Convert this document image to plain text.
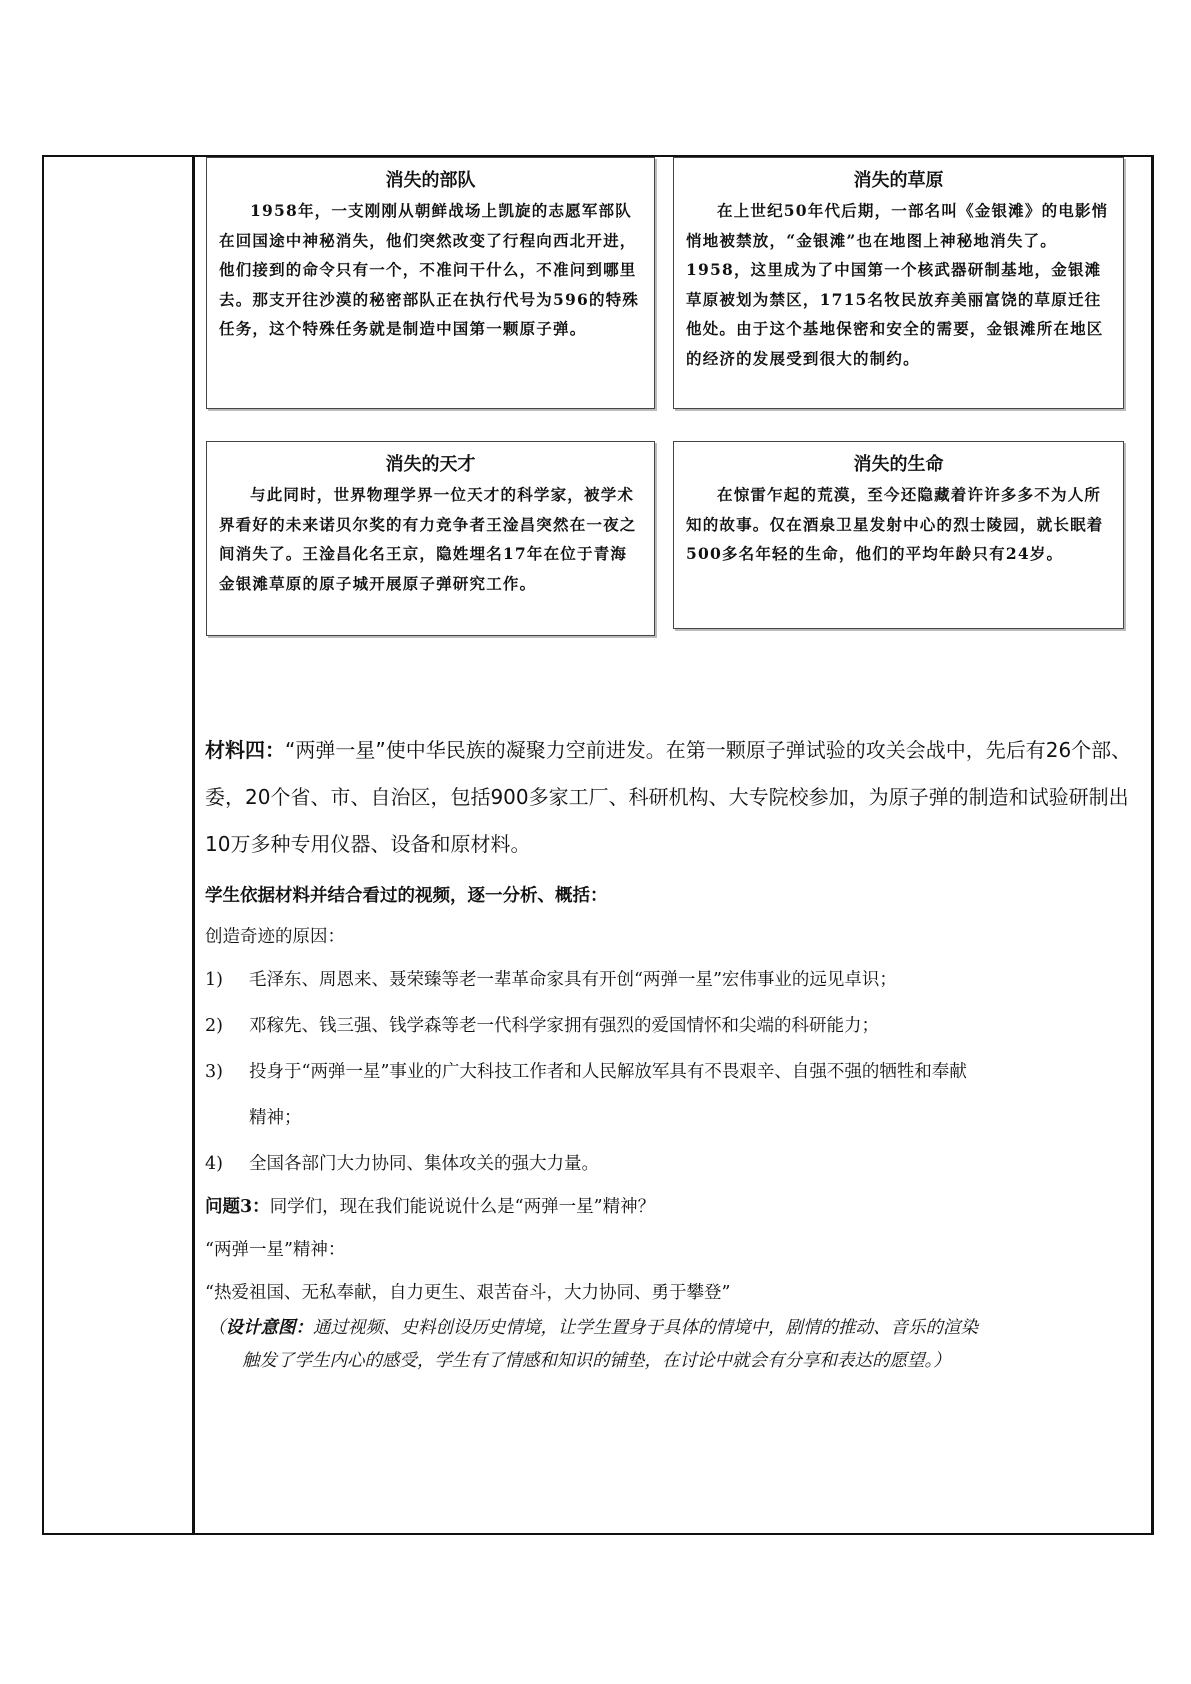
消失的部队

1958年，一支刚刚从朝鲜战场上凯旋的志愿军部队在回国途中神秘消失，他们突然改变了行程向西北开进，他们接到的命令只有一个，不准问干什么，不准问到哪里去。那支开往沙漠的秘密部队正在执行代号为596的特殊任务，这个特殊任务就是制造中国第一颗原子弹。

消失的草原

在上世纪50年代后期，一部名叫《金银滩》的电影悄悄地被禁放，“金银滩”也在地图上神秘地消失了。1958，这里成为了中国第一个核武器研制基地，金银滩草原被划为禁区，1715名牧民放弃美丽富饶的草原迁往他处。由于这个基地保密和安全的需要，金银滩所在地区的经济的发展受到很大的制约。

消失的天才

与此同时，世界物理学界一位天才的科学家，被学术界看好的未来诺贝尔奖的有力竞争者王淦昌突然在一夜之间消失了。王淦昌化名王京，隐姓埋名17年在位于青海金银滩草原的原子城开展原子弹研究工作。

消失的生命

在惊雷乍起的荒漠，至今还隐藏着许许多多不为人所知的故事。仅在酒泉卫星发射中心的烈士陵园，就长眠着500多名年轻的生命，他们的平均年龄只有24岁。

材料四：“两弹一星”使中华民族的凝聚力空前进发。在第一颗原子弹试验的攻关会战中，先后有26个部、委，20个省、市、自治区，包括900多家工厂、科研机构、大专院校参加，为原子弹的制造和试验研制出10万多种专用仪器、设备和原材料。

学生依据材料并结合看过的视频，逐一分析、概括：

创造奇迹的原因：

1) 毛泽东、周恩来、聂荣臻等老一辈革命家具有开创“两弹一星”宏伟事业的远见卓识；

2) 邓稼先、钱三强、钱学森等老一代科学家拥有强烈的爱国情怀和尖端的科研能力；

3) 投身于“两弹一星”事业的广大科技工作者和人民解放军具有不畏艰辛、自强不强的牺牲和奉献

精神；

4) 全国各部门大力协同、集体攻关的强大力量。

问题3：同学们，现在我们能说说什么是“两弹一星”精神？

“两弹一星”精神：

“热爱祖国、无私奉献，自力更生、艰苦奋斗，大力协同、勇于攀登”

（设计意图：通过视频、史料创设历史情境，让学生置身于具体的情境中，剧情的推动、音乐的渲染
触发了学生内心的感受，学生有了情感和知识的铺垫，在讨论中就会有分享和表达的愿望。）
